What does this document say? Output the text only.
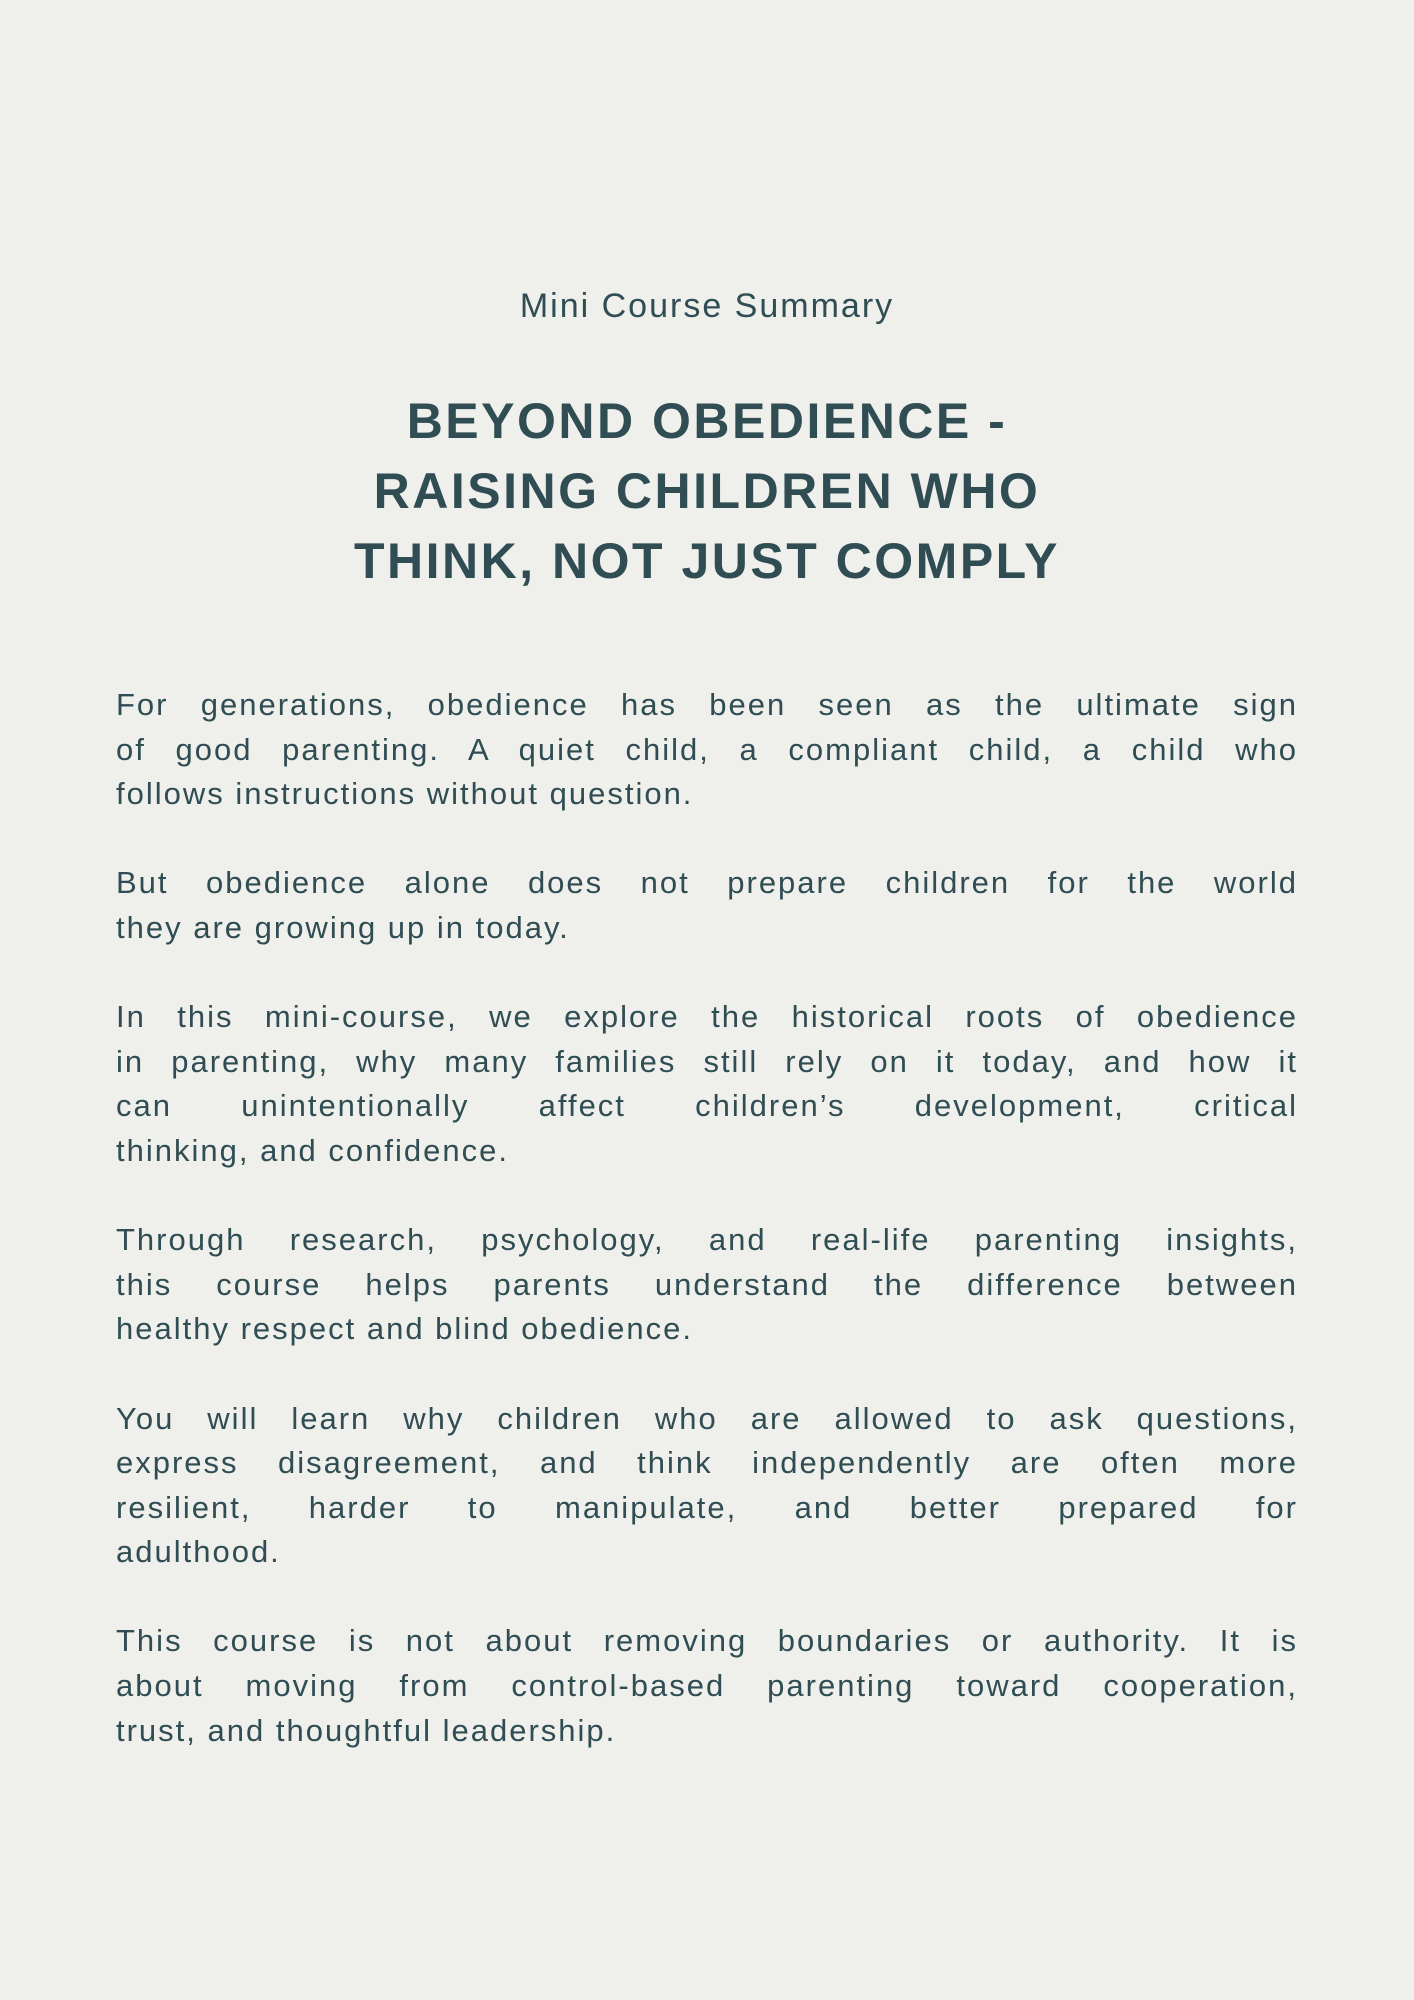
Mini Course Summary
BEYOND OBEDIENCE -
RAISING CHILDREN WHO
THINK, NOT JUST COMPLY
For generations, obedience has been seen as the ultimate sign
of good parenting. A quiet child, a compliant child, a child who
follows instructions without question.
But obedience alone does not prepare children for the world
they are growing up in today.
In this mini-course, we explore the historical roots of obedience
in parenting, why many families still rely on it today, and how it
can unintentionally affect children’s development, critical
thinking, and confidence.
Through research, psychology, and real-life parenting insights,
this course helps parents understand the difference between
healthy respect and blind obedience.
You will learn why children who are allowed to ask questions,
express disagreement, and think independently are often more
resilient, harder to manipulate, and better prepared for
adulthood.
This course is not about removing boundaries or authority. It is
about moving from control-based parenting toward cooperation,
trust, and thoughtful leadership.
